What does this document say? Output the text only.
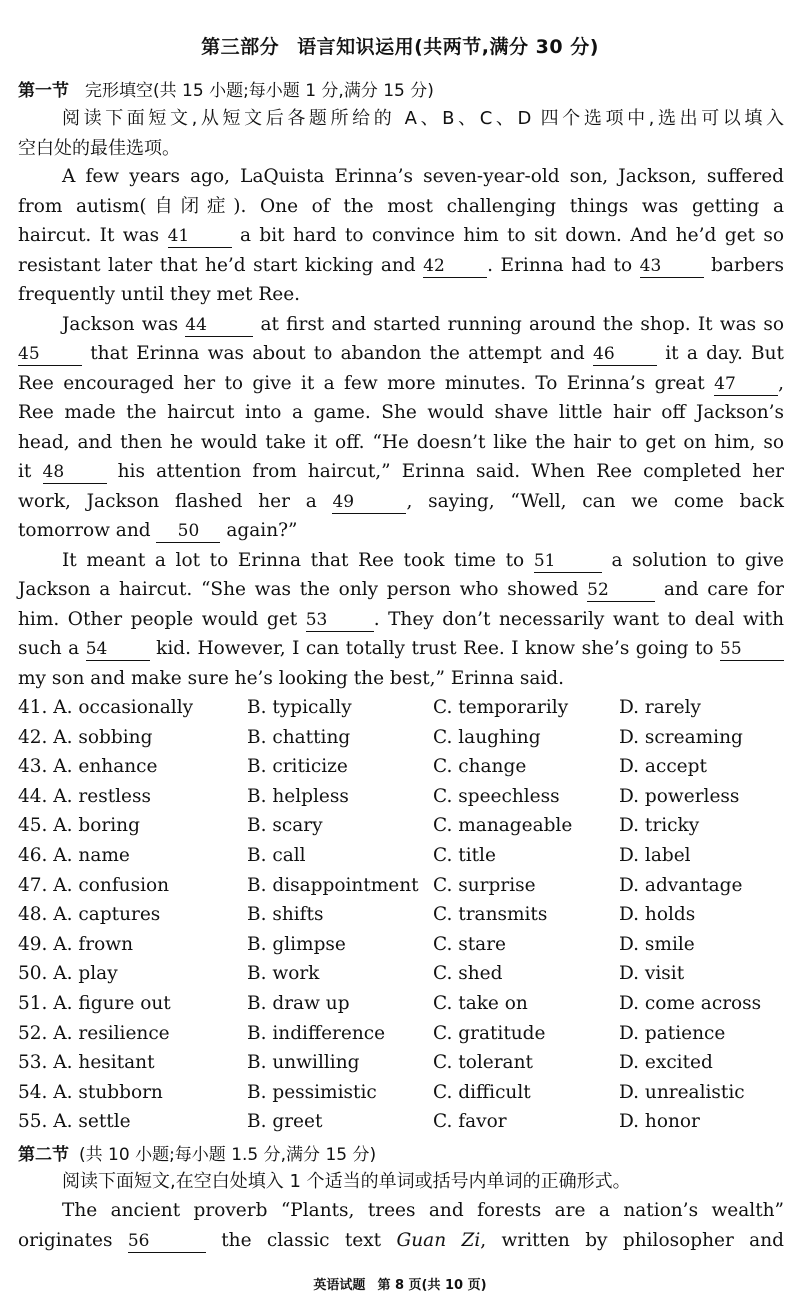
第三部分 语言知识运用(共两节,满分 30 分)
第一节 完形填空(共 15 小题;每小题 1 分,满分 15 分)
阅读下面短文,从短文后各题所给的 A、B、C、D 四个选项中,选出可以填入
空白处的最佳选项。
A few years ago, LaQuista Erinna’s seven-year-old son, Jackson, suffered
from autism(自闭症). One of the most challenging things was getting a
haircut. It was 41	a bit hard to convince him to sit down. And he’d get so
resistant later that he’d start kicking and 42 . Erinna had to 43	barbers
frequently until they met Ree.
Jackson was 44	at first and started running around the shop. It was so
45	that Erinna was about to abandon the attempt and 46	it a day. But
Ree encouraged her to give it a few more minutes. To Erinna’s great 47 ,
Ree made the haircut into a game. She would shave little hair off Jackson’s
head, and then he would take it off. “He doesn’t like the hair to get on him, so
it 48	his attention from haircut,” Erinna said. When Ree completed her
work, Jackson flashed her a 49	, saying, “Well, can we come back
tomorrow and 50 again?”
It meant a lot to Erinna that Ree took time to 51	a solution to give
Jackson a haircut. “She was the only person who showed 52	and care for
him. Other people would get 53	. They don’t necessarily want to deal with
such a 54	kid. However, I can totally trust Ree. I know she’s going to 55
my son and make sure he’s looking the best,” Erinna said.
41. A. occasionally	B. typically	C. temporarily	D. rarely
42. A. sobbing	B. chatting	C. laughing	D. screaming
43. A. enhance	B. criticize	C. change	D. accept
44. A. restless	B. helpless	C. speechless	D. powerless
45. A. boring	B. scary	C. manageable	D. tricky
46. A. name	B. call	C. title	D. label
47. A. confusion	B. disappointment C. surprise	D. advantage
48. A. captures	B. shifts	C. transmits	D. holds
49. A. frown	B. glimpse	C. stare	D. smile
50. A. play	B. work	C. shed	D. visit
51. A. figure out	B. draw up	C. take on	D. come across
52. A. resilience	B. indifference	C. gratitude	D. patience
53. A. hesitant	B. unwilling	C. tolerant	D. excited
54. A. stubborn	B. pessimistic	C. difficult	D. unrealistic
55. A. settle	B. greet	C. favor	D. honor
第二节 (共 10 小题;每小题 1.5 分,满分 15 分)
阅读下面短文,在空白处填入 1 个适当的单词或括号内单词的正确形式。
The ancient proverb “Plants, trees and forests are a nation’s wealth”
originates 56	the classic text Guan Zi, written by philosopher and
英语试题 第 8 页(共 10 页)
